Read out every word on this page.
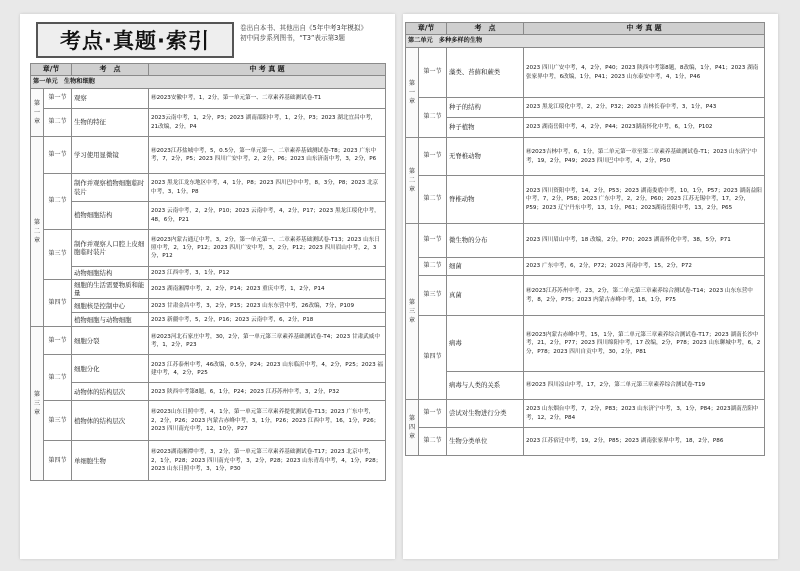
考点·真题·索引
卷出自本书、其他出自《5年中考3年模拟》
初中同步系列图书，“T3”表示第3题
章/节		考　点	中 考 真 题
第一单元　生物和细胞			

第一章	第一节	观察	㊙2023安徽中考，1，2分，第一单元第一、二章素养基础测试卷-T1
	第二节	生物的特征	2023云南中考，1，2分，P3；2023 湖南邵阳中考，1，2分，P3；2023 湖北宜昌中考，21改编，2分，P4

第二章	第一节	学习使用显微镜	㊙2023江苏盐城中考，5，0.5分，第一单元第一、二章素养基础测试卷-T8；2023 广东中考，7，2分，P5；2023 四川广安中考，2，2分，P6；2023 山东济南中考，3，2分，P6
	第二节	制作并观察植物细胞临时装片	2023 黑龙江龙东地区中考，4，1分，P8；2023 四川巴中中考，8，3分，P8；2023 北京中考，3，1分，P8
		植物细胞结构	2023 云南中考，2，2分，P10；2023 云南中考，4，2分，P17；2023 黑龙江绥化中考，48，6分，P21
	第三节	制作并观察人口腔上皮细胞临时装片	㊙2023内蒙古通辽中考，3，2分，第一单元第一、二章素养基础测试卷-T13；2023 山东日照中考，2，1分，P12；2023 四川广安中考，3，2分，P12；2023 四川眉山中考，2，3分，P12
		动物细胞结构	2023 江西中考，3，1分，P12
	第四节	细胞的生活需要物质和能量	2023 湖南湘潭中考，2，2分，P14；2023 重庆中考，1，2分，P14
		细胞核是控制中心	2023 甘肃金昌中考，3，2分，P15；2023 山东东营中考，26改编，7分，P109
		植物细胞与动物细胞	2023 新疆中考，5，2分，P16；2023 云南中考，6，2分，P18

第三章	第一节	细胞分裂	㊙2023河北石家庄中考，30，2分，第一单元第三章素养基础测试卷-T4；2023 甘肃武威中考，1，2分，P23
	第二节	细胞分化	2023 江苏泰州中考，46改编，0.5分，P24；2023 山东临沂中考，4，2分，P25；2023 福建中考，4，2分，P25
		动物体的结构层次	2023 陕西中考第8题，6，1分，P24；2023 江苏苏州中考，3，2分，P32
	第三节	植物体的结构层次	㊙2023山东日照中考，4，1分，第一单元第三章素养提优测试卷-T13；2023 广东中考，2，2分，P26；2023 内蒙古赤峰中考，3，1分，P26；2023 江西中考，16，1分，P26；2023 四川南充中考，12，10分，P27
	第四节	单细胞生物	㊙2023湖南湘潭中考，3，2分，第一单元第三章素养基础测试卷-T17；2023 北京中考，2，1分，P28；2023 四川南充中考，3，2分，P28；2023 山东青岛中考，4，1分，P28；2023 山东日照中考，3，1分，P30
章/节		考　点	中 考 真 题
第二单元　多种多样的生物			

第一章	第一节	藻类、苔藓和蕨类	2023 四川广安中考，4，2分，P40；2023 陕西中考第8题，8改编，1分，P41；2023 湖南张家界中考，6改编，1分，P41；2023 山东泰安中考，4，1分，P46
	第二节	种子的结构	2023 黑龙江绥化中考，2，2分，P32；2023 吉林长春中考，3，1分，P43
		种子植物	2023 湖南岳阳中考，4，2分，P44；2023湖南怀化中考，6，1分，P102

第二章	第一节	无脊椎动物	㊙2023吉林中考，6，1分，第二单元第一章至第二章素养基础测试卷-T1；2023 山东济宁中考，19，2分，P49；2023 四川巴中中考，4，2分，P50
	第二节	脊椎动物	2023 四川资阳中考，14，2分，P53；2023 湖南娄底中考，10，1分，P57；2023 湖南益阳中考，7，2分，P58；2023 广东中考，2，2分，P60；2023 江苏无锡中考，17，2分，P59；2023 辽宁丹东中考，13，1分，P61；2023湖南岳阳中考，13，2分，P65

第三章	第一节	微生物的分布	2023 四川眉山中考，18 改编，2分，P70；2023 湖南怀化中考，38，5分，P71
	第二节	细菌	2023 广东中考，6，2分，P72；2023 河南中考，15，2分，P72
	第三节	真菌	㊙2023江苏苏州中考，23，2分，第二单元第三章素养综合测试卷-T14；2023 山东东营中考，8，2分，P75；2023 内蒙古赤峰中考，18，1分，P75
	第四节	病毒	㊙2023内蒙古赤峰中考，15，1分，第二单元第三章素养综合测试卷-T17；2023 湖南长沙中考，21，2分，P77；2023 四川绵阳中考，17 改编，2分，P78；2023 山东聊城中考，6，2分，P78；2023 四川自贡中考，30，2分，P81
		病毒与人类的关系	㊙2023 四川凉山中考，17，2分，第二单元第三章素养综合测试卷-T19

第四章	第一节	尝试对生物进行分类	2023 山东烟台中考，7，2分，P83；2023 山东济宁中考，3，1分，P84；2023湖南岳阳中考，12，2分，P84
	第二节	生物分类单位	2023 江苏宿迁中考，19，2分，P85；2023 湖南张家界中考，18，2分，P86
